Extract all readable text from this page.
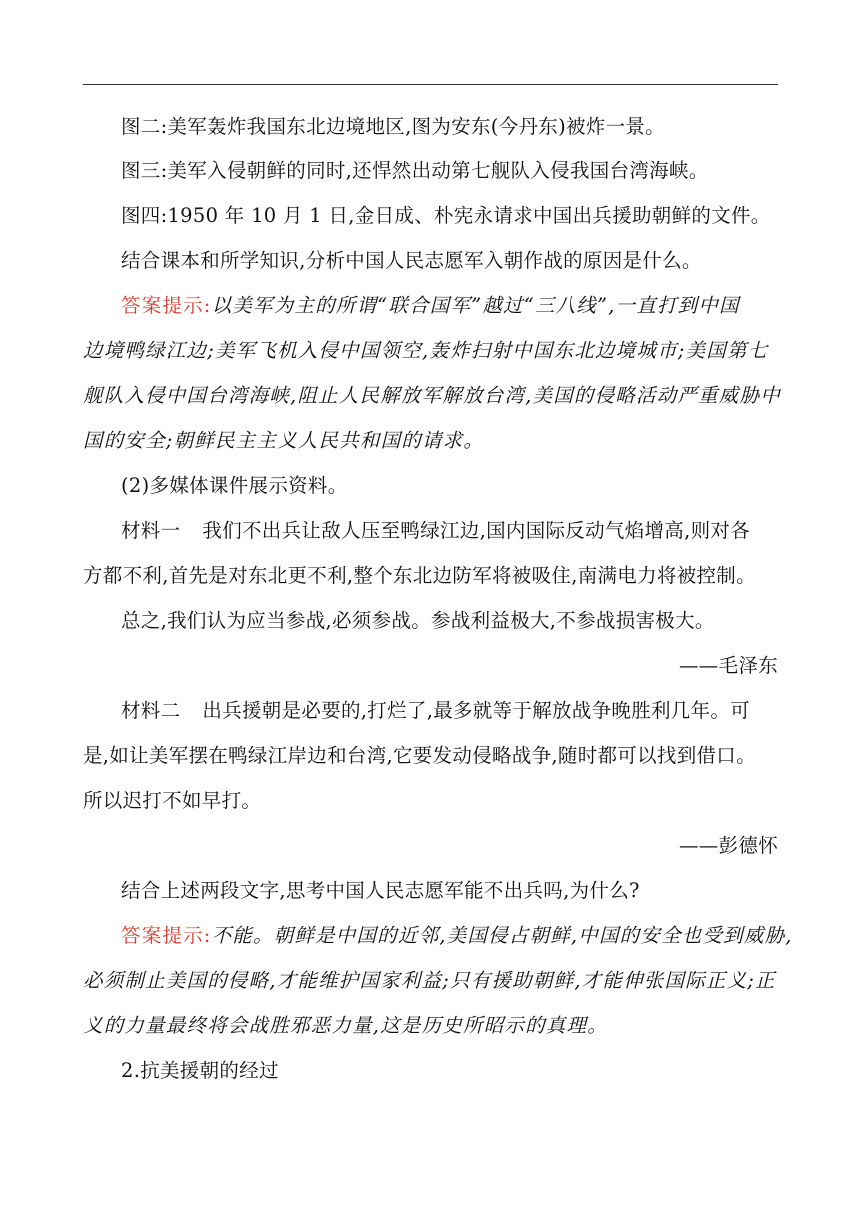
图二:美军轰炸我国东北边境地区,图为安东(今丹东)被炸一景。
图三:美军入侵朝鲜的同时,还悍然出动第七舰队入侵我国台湾海峡。
图四:1950 年 10 月 1 日,金日成、朴宪永请求中国出兵援助朝鲜的文件。
结合课本和所学知识,分析中国人民志愿军入朝作战的原因是什么。
答案提示:以美军为主的所谓“联合国军”越过“三八线”,一直打到中国
边境鸭绿江边;美军飞机入侵中国领空,轰炸扫射中国东北边境城市;美国第七
舰队入侵中国台湾海峡,阻止人民解放军解放台湾,美国的侵略活动严重威胁中
国的安全;朝鲜民主主义人民共和国的请求。
(2)多媒体课件展示资料。
材料一 我们不出兵让敌人压至鸭绿江边,国内国际反动气焰增高,则对各
方都不利,首先是对东北更不利,整个东北边防军将被吸住,南满电力将被控制。
总之,我们认为应当参战,必须参战。参战利益极大,不参战损害极大。
——毛泽东
材料二 出兵援朝是必要的,打烂了,最多就等于解放战争晚胜利几年。可
是,如让美军摆在鸭绿江岸边和台湾,它要发动侵略战争,随时都可以找到借口。
所以迟打不如早打。
——彭德怀
结合上述两段文字,思考中国人民志愿军能不出兵吗,为什么?
答案提示:不能。朝鲜是中国的近邻,美国侵占朝鲜,中国的安全也受到威胁,
必须制止美国的侵略,才能维护国家利益;只有援助朝鲜,才能伸张国际正义;正
义的力量最终将会战胜邪恶力量,这是历史所昭示的真理。
2.抗美援朝的经过
